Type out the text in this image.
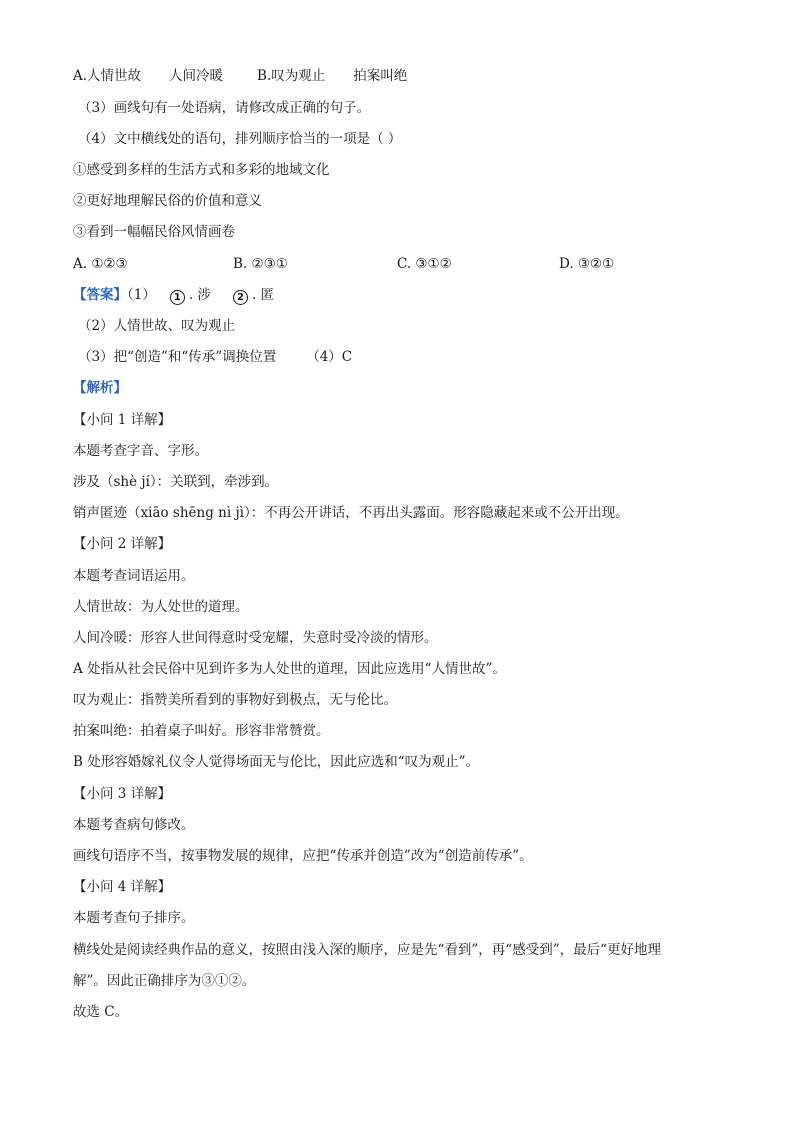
A.人情世故 人间冷暖	B.叹为观止 拍案叫绝
（3）画线句有一处语病，请修改成正确的句子。
（4）文中横线处的语句，排列顺序恰当的一项是（ ）
①感受到多样的生活方式和多彩的地域文化
②更好地理解民俗的价值和意义
③看到一幅幅民俗风情画卷
A. ①②③	B. ②③①	C. ③①②	D. ③②①
【答案】（1） 1 . 涉	2 . 匿
（2）人情世故、叹为观止
（3）把“创造”和“传承”调换位置 （4）C
【解析】
【小问 1 详解】
本题考查字音、字形。
涉及（shè jí）：关联到，牵涉到。
销声匿迹（xiāo shēng nì jì）：不再公开讲话，不再出头露面。形容隐藏起来或不公开出现。
【小问 2 详解】
本题考查词语运用。
人情世故：为人处世的道理。
人间冷暖：形容人世间得意时受宠耀，失意时受冷淡的情形。
A 处指从社会民俗中见到许多为人处世的道理，因此应选用“人情世故”。
叹为观止：指赞美所看到的事物好到极点，无与伦比。
拍案叫绝：拍着桌子叫好。形容非常赞赏。
B 处形容婚嫁礼仪令人觉得场面无与伦比，因此应选和“叹为观止”。
【小问 3 详解】
本题考查病句修改。
画线句语序不当，按事物发展的规律，应把“传承并创造”改为“创造前传承”。
【小问 4 详解】
本题考查句子排序。
横线处是阅读经典作品的意义，按照由浅入深的顺序，应是先“看到”，再“感受到”，最后“更好地理
解”。因此正确排序为③①②。
故选 C。
